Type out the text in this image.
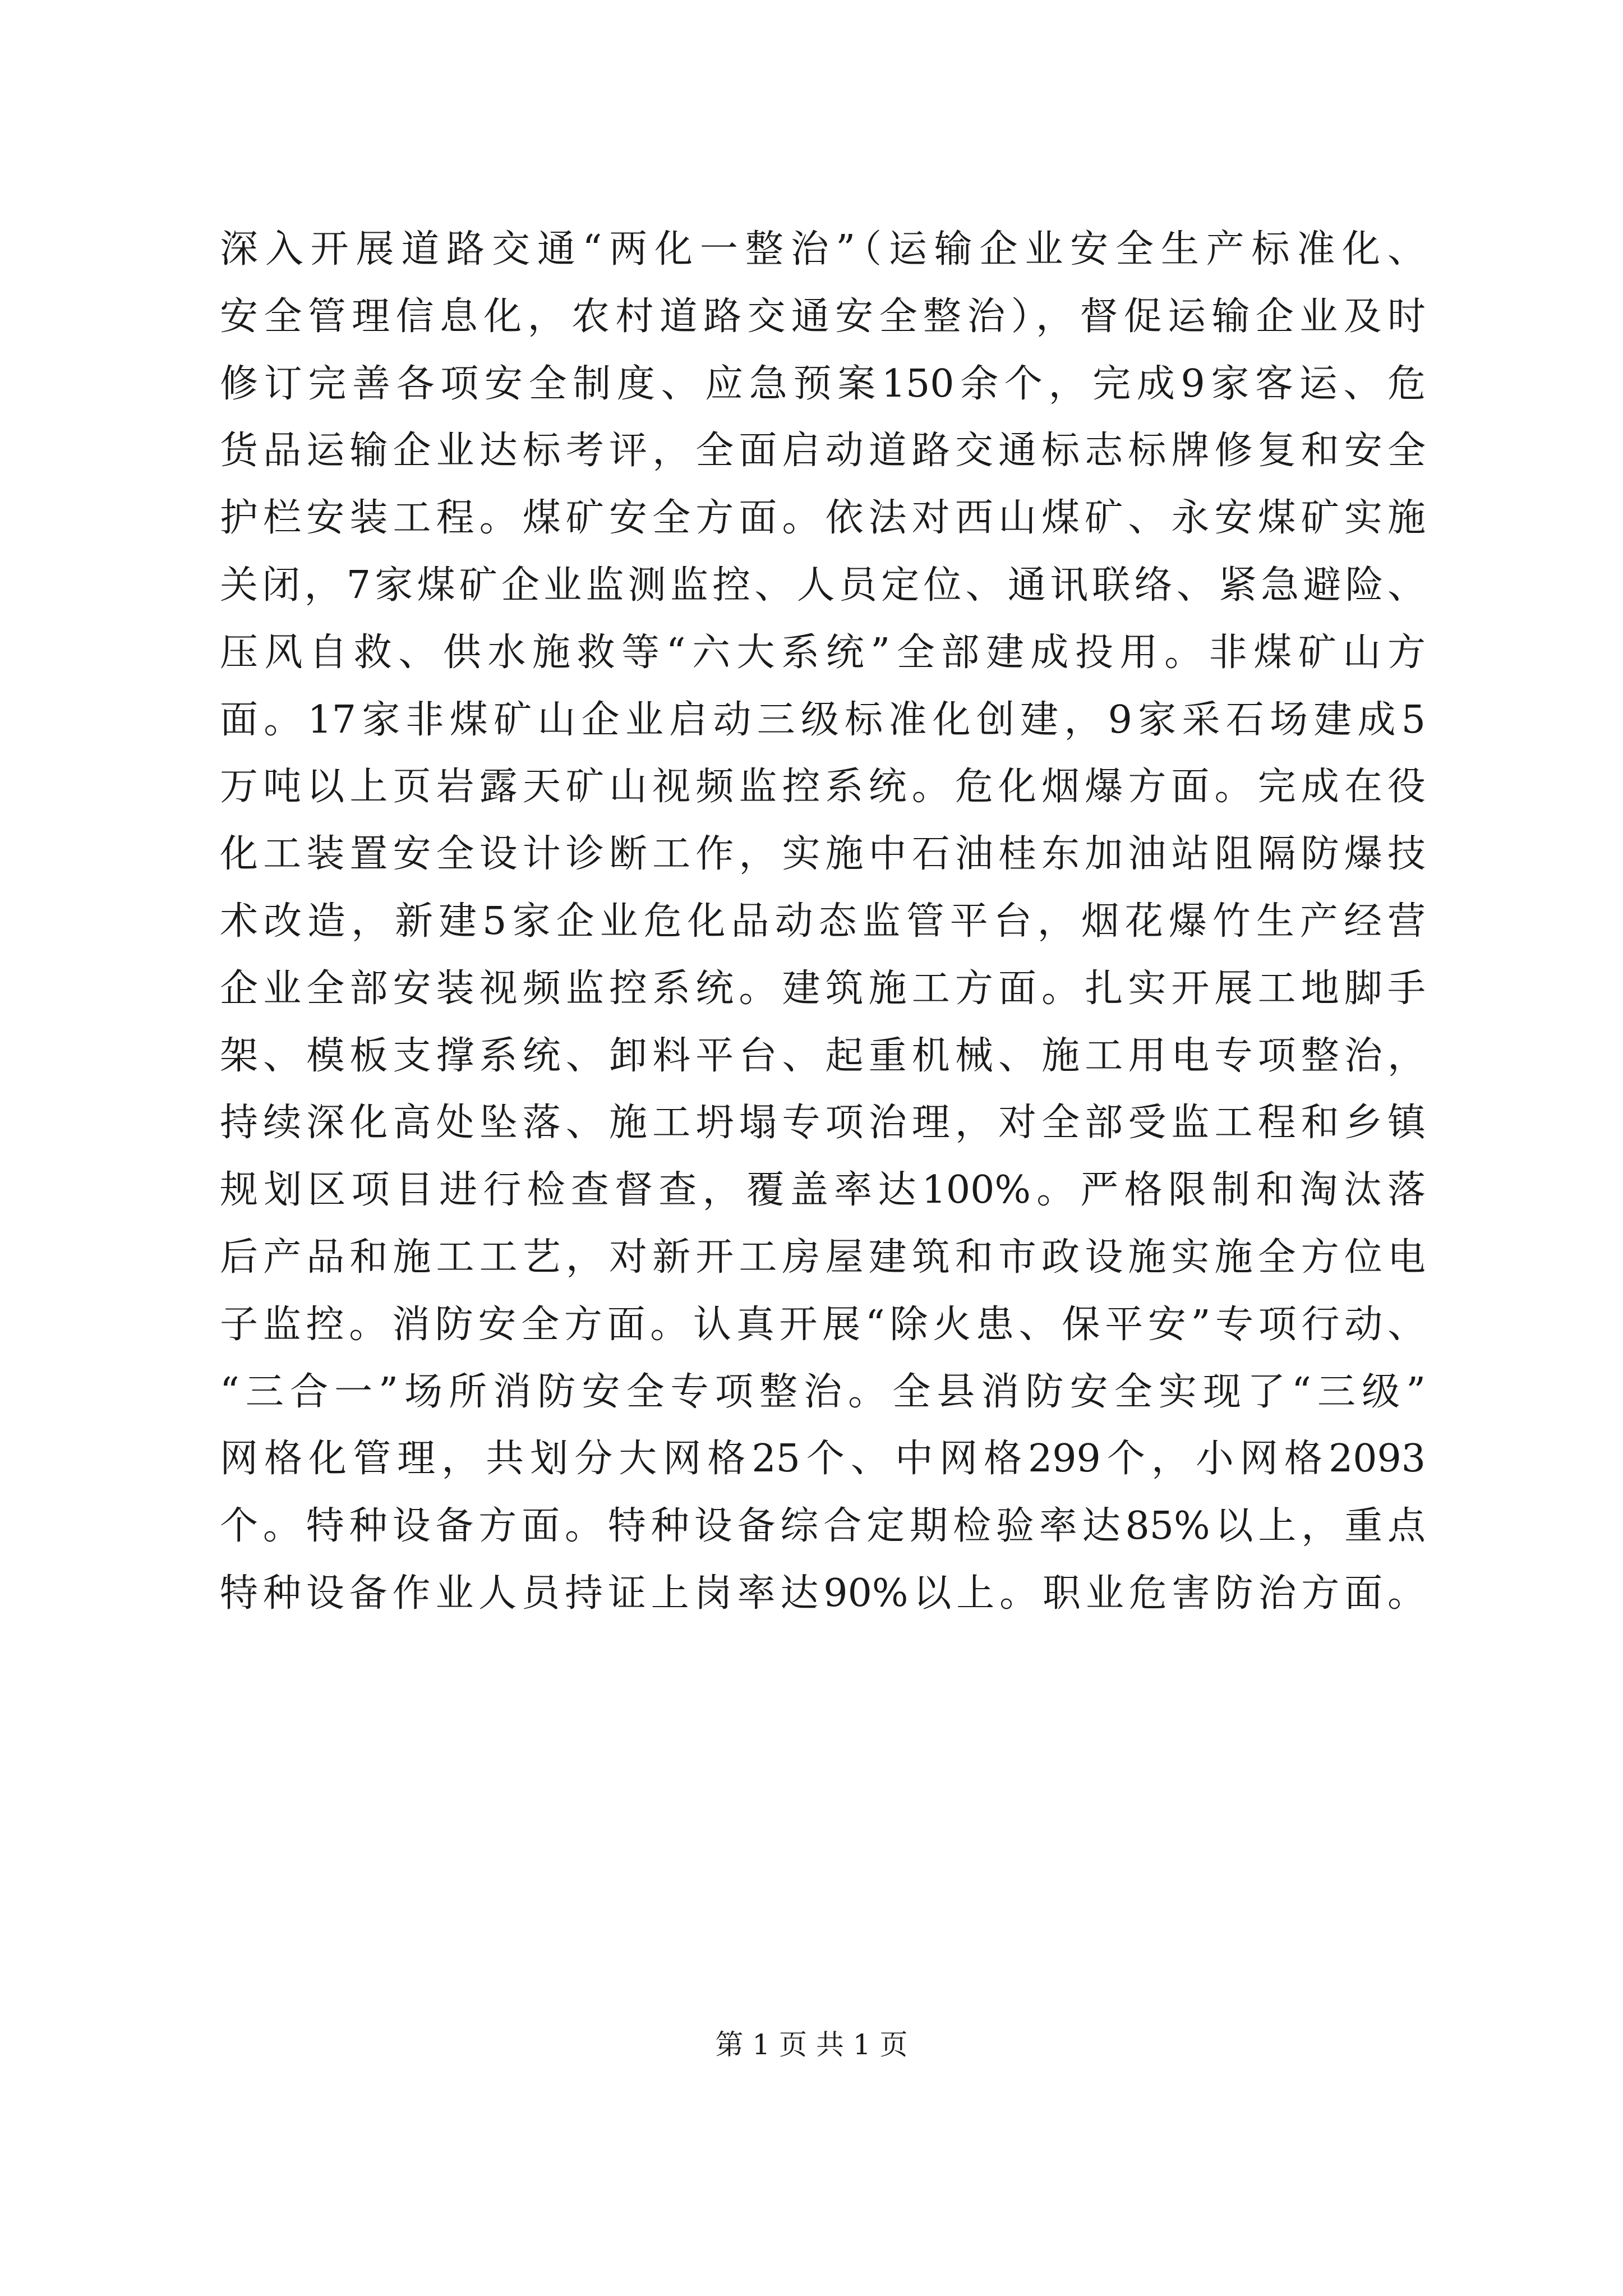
深入开展道路交通“两化一整治”（运输企业安全生产标准化、
安全管理信息化，农村道路交通安全整治），督促运输企业及时
修订完善各项安全制度、应急预案150余个，完成9家客运、危
货品运输企业达标考评，全面启动道路交通标志标牌修复和安全
护栏安装工程。煤矿安全方面。依法对西山煤矿、永安煤矿实施
关闭，7家煤矿企业监测监控、人员定位、通讯联络、紧急避险、
压风自救、供水施救等“六大系统”全部建成投用。非煤矿山方
面。17家非煤矿山企业启动三级标准化创建，9家采石场建成5
万吨以上页岩露天矿山视频监控系统。危化烟爆方面。完成在役
化工装置安全设计诊断工作，实施中石油桂东加油站阻隔防爆技
术改造，新建5家企业危化品动态监管平台，烟花爆竹生产经营
企业全部安装视频监控系统。建筑施工方面。扎实开展工地脚手
架、模板支撑系统、卸料平台、起重机械、施工用电专项整治，
持续深化高处坠落、施工坍塌专项治理，对全部受监工程和乡镇
规划区项目进行检查督查，覆盖率达100%。严格限制和淘汰落
后产品和施工工艺，对新开工房屋建筑和市政设施实施全方位电
子监控。消防安全方面。认真开展“除火患、保平安”专项行动、
“三合一”场所消防安全专项整治。全县消防安全实现了“三级”
网格化管理，共划分大网格25个、中网格299个，小网格2093
个。特种设备方面。特种设备综合定期检验率达85%以上，重点
特种设备作业人员持证上岗率达90%以上。职业危害防治方面。
第 1 页 共 1 页
